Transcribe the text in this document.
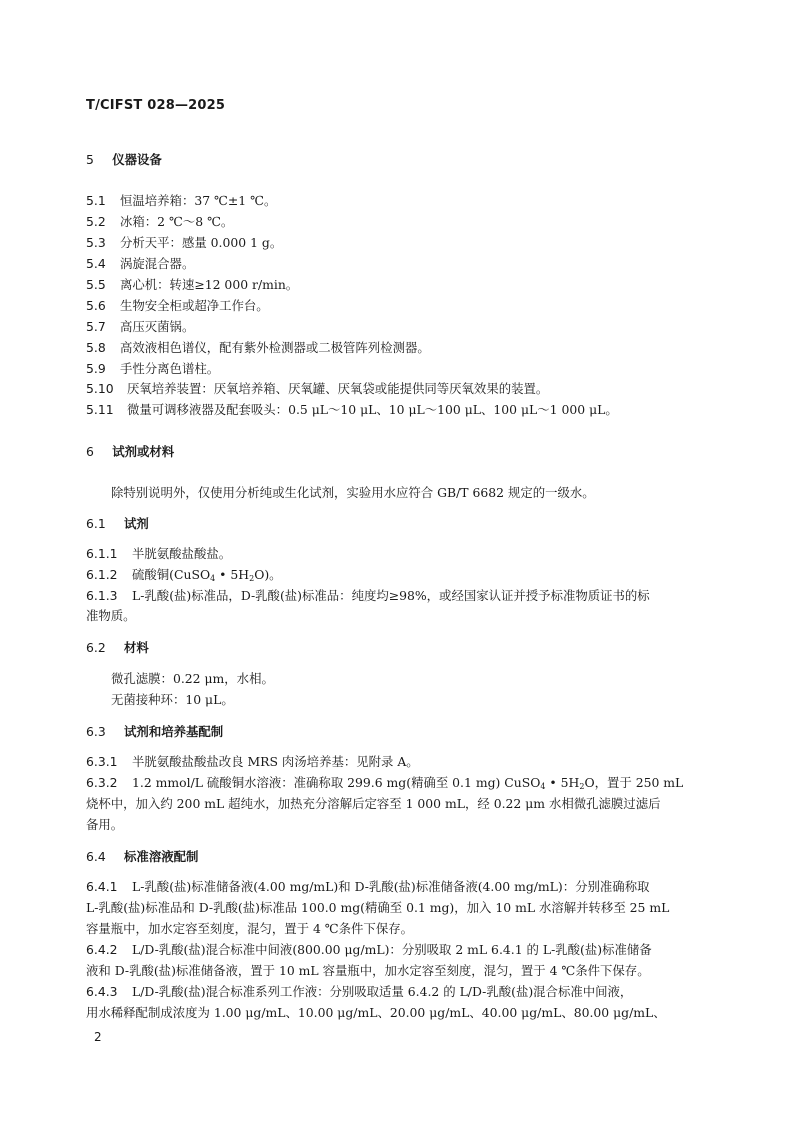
T/CIFST 028—2025
5 仪器设备
5.1 恒温培养箱：37 ℃±1 ℃。
5.2 冰箱：2 ℃～8 ℃。
5.3 分析天平：感量 0.000 1 g。
5.4 涡旋混合器。
5.5 离心机：转速≥12 000 r/min。
5.6 生物安全柜或超净工作台。
5.7 高压灭菌锅。
5.8 高效液相色谱仪，配有紫外检测器或二极管阵列检测器。
5.9 手性分离色谱柱。
5.10 厌氧培养装置：厌氧培养箱、厌氧罐、厌氧袋或能提供同等厌氧效果的装置。
5.11 微量可调移液器及配套吸头：0.5 μL～10 μL、10 μL～100 μL、100 μL～1 000 μL。
6 试剂或材料
除特别说明外，仅使用分析纯或生化试剂，实验用水应符合 GB/T 6682 规定的一级水。
6.1 试剂
6.1.1 半胱氨酸盐酸盐。
6.1.2 硫酸铜(CuSO$_4$ • $5H_2O$)。
6.1.3 L-乳酸(盐)标准品，D-乳酸(盐)标准品：纯度均≥98%，或经国家认证并授予标准物质证书的标
准物质。
6.2 材料
微孔滤膜：0.22 μm，水相。
无菌接种环：10 μL。
6.3 试剂和培养基配制
6.3.1 半胱氨酸盐酸盐改良 MRS 肉汤培养基：见附录 A。
6.3.2 1.2 mmol/L 硫酸铜水溶液：准确称取 299.6 mg(精确至 0.1 mg) CuSO$_4$ • $5H_2O$，置于 250 mL
烧杯中，加入约 200 mL 超纯水，加热充分溶解后定容至 1 000 mL，经 0.22 μm 水相微孔滤膜过滤后
备用。
6.4 标准溶液配制
6.4.1 L-乳酸(盐)标准储备液(4.00 mg/mL)和 D-乳酸(盐)标准储备液(4.00 mg/mL)：分别准确称取
L-乳酸(盐)标准品和 D-乳酸(盐)标准品 100.0 mg(精确至 0.1 mg)，加入 10 mL 水溶解并转移至 25 mL
容量瓶中，加水定容至刻度，混匀，置于 4 ℃条件下保存。
6.4.2 L/D-乳酸(盐)混合标准中间液(800.00 μg/mL)：分别吸取 2 mL 6.4.1 的 L-乳酸(盐)标准储备
液和 D-乳酸(盐)标准储备液，置于 10 mL 容量瓶中，加水定容至刻度，混匀，置于 4 ℃条件下保存。
6.4.3 L/D-乳酸(盐)混合标准系列工作液：分别吸取适量 6.4.2 的 L/D-乳酸(盐)混合标准中间液，
用水稀释配制成浓度为 1.00 μg/mL、10.00 μg/mL、20.00 μg/mL、40.00 μg/mL、80.00 μg/mL、
2
